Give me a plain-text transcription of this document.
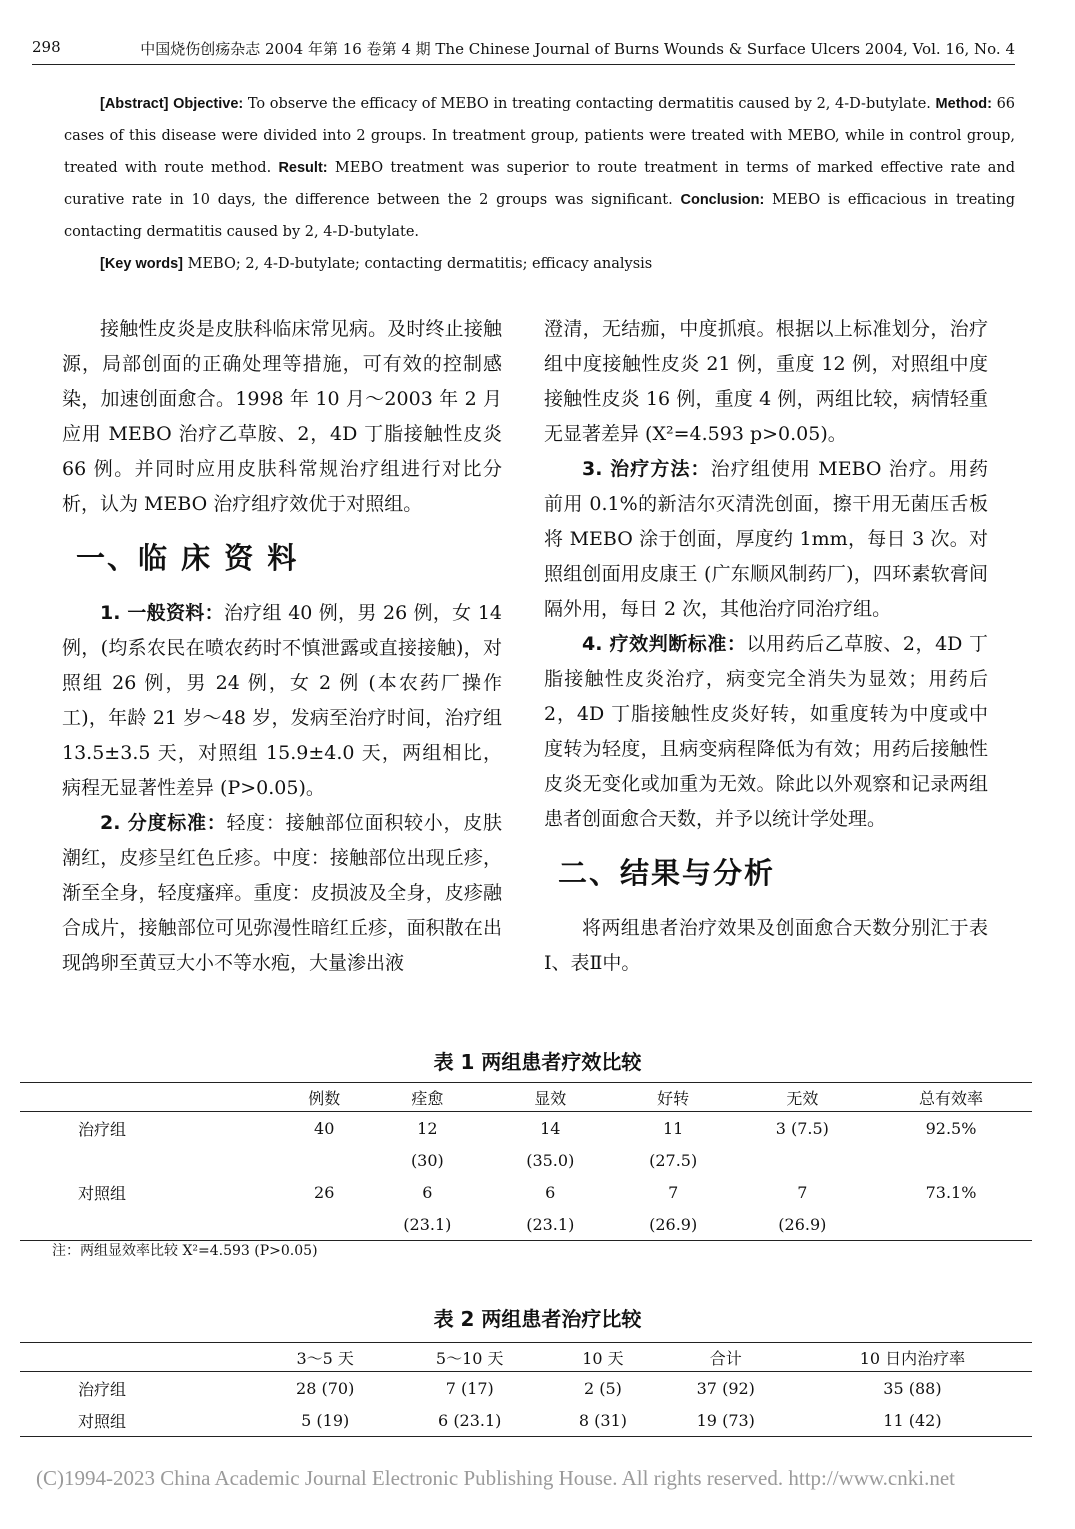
298	中国烧伤创疡杂志 2004 年第 16 卷第 4 期 The Chinese Journal of Burns Wounds & Surface Ulcers 2004, Vol. 16, No. 4

[Abstract] Objective: To observe the efficacy of MEBO in treating contacting dermatitis caused by 2, 4-D-butylate. Method: 66 cases of this disease were divided into 2 groups. In treatment group, patients were treated with MEBO, while in control group, treated with route method. Result: MEBO treatment was superior to route treatment in terms of marked effective rate and curative rate in 10 days, the difference between the 2 groups was significant. Conclusion: MEBO is efficacious in treating contacting dermatitis caused by 2, 4-D-butylate.

[Key words] MEBO; 2, 4-D-butylate; contacting dermatitis; efficacy analysis

接触性皮炎是皮肤科临床常见病。及时终止接触源，局部创面的正确处理等措施，可有效的控制感染，加速创面愈合。1998 年 10 月～2003 年 2 月应用 MEBO 治疗乙草胺、2，4D 丁脂接触性皮炎 66 例。并同时应用皮肤科常规治疗组进行对比分析，认为 MEBO 治疗组疗效优于对照组。

一、临 床 资 料

1. 一般资料：治疗组 40 例，男 26 例，女 14 例，(均系农民在喷农药时不慎泄露或直接接触)，对照组 26 例，男 24 例，女 2 例 (本农药厂操作工)，年龄 21 岁～48 岁，发病至治疗时间，治疗组 13.5±3.5 天，对照组 15.9±4.0 天，两组相比，病程无显著性差异 (P>0.05)。

2. 分度标准：轻度：接触部位面积较小，皮肤潮红，皮疹呈红色丘疹。中度：接触部位出现丘疹，渐至全身，轻度瘙痒。重度：皮损波及全身，皮疹融合成片，接触部位可见弥漫性暗红丘疹，面积散在出现鸽卵至黄豆大小不等水疱，大量渗出液

澄清，无结痂，中度抓痕。根据以上标准划分，治疗组中度接触性皮炎 21 例，重度 12 例，对照组中度接触性皮炎 16 例，重度 4 例，两组比较，病情轻重无显著差异 (X²=4.593 p>0.05)。

3. 治疗方法：治疗组使用 MEBO 治疗。用药前用 0.1%的新洁尔灭清洗创面，擦干用无菌压舌板将 MEBO 涂于创面，厚度约 1mm，每日 3 次。对照组创面用皮康王 (广东顺风制药厂)，四环素软膏间隔外用，每日 2 次，其他治疗同治疗组。

4. 疗效判断标准：以用药后乙草胺、2，4D 丁脂接触性皮炎治疗，病变完全消失为显效；用药后 2，4D 丁脂接触性皮炎好转，如重度转为中度或中度转为轻度，且病变病程降低为有效；用药后接触性皮炎无变化或加重为无效。除此以外观察和记录两组患者创面愈合天数，并予以统计学处理。

二、结果与分析

将两组患者治疗效果及创面愈合天数分别汇于表Ⅰ、表Ⅱ中。

表 1 两组患者疗效比较
	例数	痊愈	显效	好转	无效	总有效率
治疗组	40	12	14	11	3 (7.5)	92.5%
		(30)	(35.0)	(27.5)		
对照组	26	6	6	7	7	73.1%
		(23.1)	(23.1)	(26.9)	(26.9)	
注：两组显效率比较 X²=4.593 (P>0.05)
表 2 两组患者治疗比较
	3～5 天	5～10 天	10 天	合计	10 日内治疗率
治疗组	28 (70)	7 (17)	2 (5)	37 (92)	35 (88)
对照组	5 (19)	6 (23.1)	8 (31)	19 (73)	11 (42)
(C)1994-2023 China Academic Journal Electronic Publishing House. All rights reserved. http://www.cnki.net
